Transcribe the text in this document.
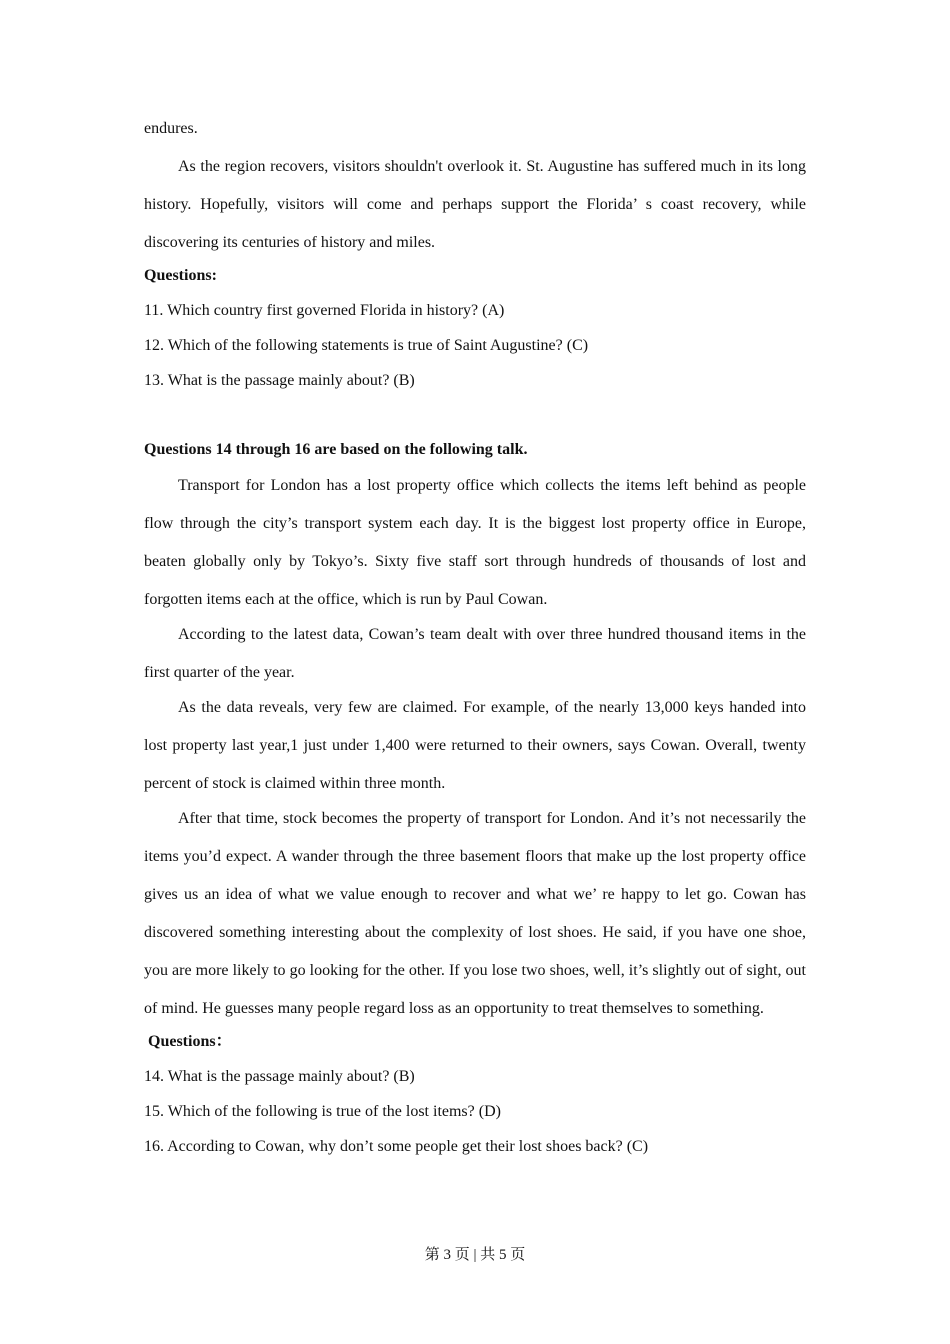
endures.

As the region recovers, visitors shouldn't overlook it. St. Augustine has suffered much in its long history. Hopefully, visitors will come and perhaps support the Florida’ s coast recovery, while discovering its centuries of history and miles.

Questions:

11. Which country first governed Florida in history? (A)

12. Which of the following statements is true of Saint Augustine? (C)

13. What is the passage mainly about? (B)

Questions 14 through 16 are based on the following talk.

Transport for London has a lost property office which collects the items left behind as people flow through the city’s transport system each day. It is the biggest lost property office in Europe, beaten globally only by Tokyo’s. Sixty five staff sort through hundreds of thousands of lost and forgotten items each at the office, which is run by Paul Cowan.

According to the latest data, Cowan’s team dealt with over three hundred thousand items in the first quarter of the year.

As the data reveals, very few are claimed. For example, of the nearly 13,000 keys handed into lost property last year,1 just under 1,400 were returned to their owners, says Cowan. Overall, twenty percent of stock is claimed within three month.

After that time, stock becomes the property of transport for London. And it’s not necessarily the items you’d expect. A wander through the three basement floors that make up the lost property office gives us an idea of what we value enough to recover and what we’ re happy to let go. Cowan has discovered something interesting about the complexity of lost shoes. He said, if you have one shoe, you are more likely to go looking for the other. If you lose two shoes, well, it’s slightly out of sight, out of mind. He guesses many people regard loss as an opportunity to treat themselves to something.

Questions：

14. What is the passage mainly about? (B)

15. Which of the following is true of the lost items? (D)

16. According to Cowan, why don’t some people get their lost shoes back? (C)

第 3 页 | 共 5 页
